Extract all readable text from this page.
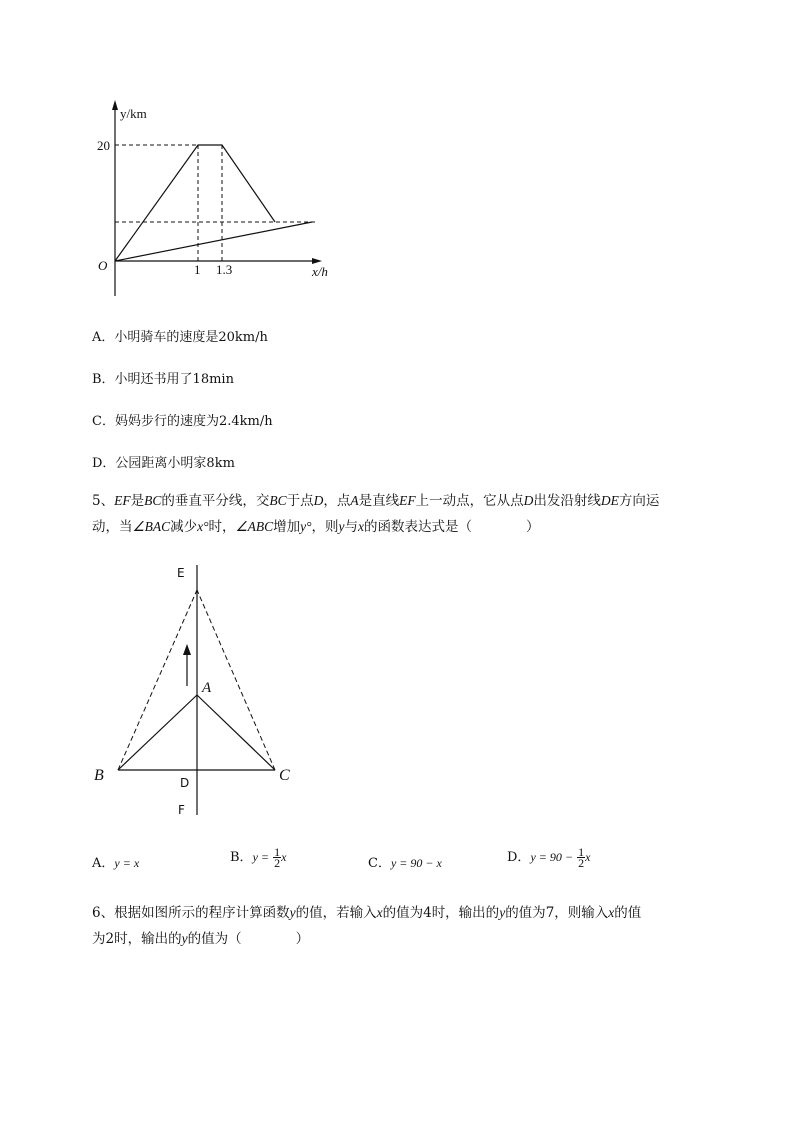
y/km
x/h
O
20
1 1.3
A．小明骑车的速度是20km/h
B．小明还书用了18min
C．妈妈步行的速度为2.4km/h
D．公园距离小明家8km
5、EF是BC的垂直平分线，交BC于点D，点A是直线EF上一动点，它从点D出发沿射线DE方向运
动，当∠BAC减少x°时，∠ABC增加y°，则y与x的函数表达式是（　　　　）
E
A
B	C
D
F
A．y = x	B．$y = \frac{1}{2}$ x	C．y = 90 − x	D．$y = 90 - \frac{1}{2}$ x
6、根据如图所示的程序计算函数y的值，若输入x的值为4时，输出的y的值为7，则输入x的值
为2时，输出的y的值为（　　　　）
